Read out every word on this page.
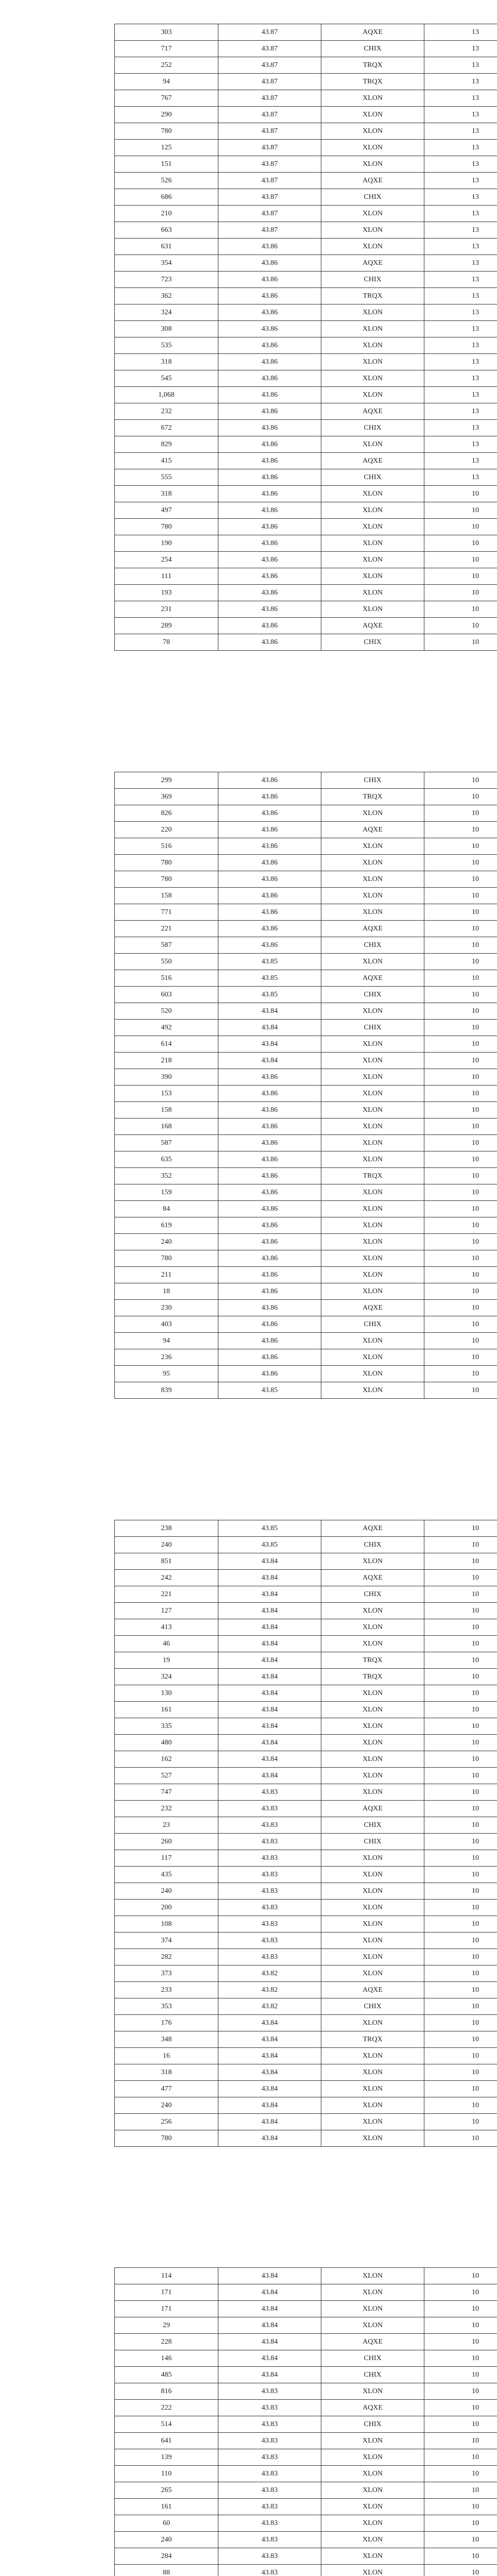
303	43.87	AQXE	13
717	43.87	CHIX	13
252	43.87	TRQX	13
94	43.87	TRQX	13
767	43.87	XLON	13
290	43.87	XLON	13
780	43.87	XLON	13
125	43.87	XLON	13
151	43.87	XLON	13
526	43.87	AQXE	13
686	43.87	CHIX	13
210	43.87	XLON	13
663	43.87	XLON	13
631	43.86	XLON	13
354	43.86	AQXE	13
723	43.86	CHIX	13
362	43.86	TRQX	13
324	43.86	XLON	13
308	43.86	XLON	13
535	43.86	XLON	13
318	43.86	XLON	13
545	43.86	XLON	13
1,068	43.86	XLON	13
232	43.86	AQXE	13
672	43.86	CHIX	13
829	43.86	XLON	13
415	43.86	AQXE	13
555	43.86	CHIX	13
318	43.86	XLON	10
497	43.86	XLON	10
780	43.86	XLON	10
190	43.86	XLON	10
254	43.86	XLON	10
111	43.86	XLON	10
193	43.86	XLON	10
231	43.86	XLON	10
289	43.86	AQXE	10
78	43.86	CHIX	10
299	43.86	CHIX	10
369	43.86	TRQX	10
826	43.86	XLON	10
220	43.86	AQXE	10
516	43.86	XLON	10
780	43.86	XLON	10
780	43.86	XLON	10
158	43.86	XLON	10
771	43.86	XLON	10
221	43.86	AQXE	10
587	43.86	CHIX	10
550	43.85	XLON	10
516	43.85	AQXE	10
603	43.85	CHIX	10
520	43.84	XLON	10
492	43.84	CHIX	10
614	43.84	XLON	10
218	43.84	XLON	10
390	43.86	XLON	10
153	43.86	XLON	10
158	43.86	XLON	10
168	43.86	XLON	10
587	43.86	XLON	10
635	43.86	XLON	10
352	43.86	TRQX	10
159	43.86	XLON	10
84	43.86	XLON	10
619	43.86	XLON	10
240	43.86	XLON	10
780	43.86	XLON	10
211	43.86	XLON	10
18	43.86	XLON	10
230	43.86	AQXE	10
403	43.86	CHIX	10
94	43.86	XLON	10
236	43.86	XLON	10
95	43.86	XLON	10
839	43.85	XLON	10
238	43.85	AQXE	10
240	43.85	CHIX	10
851	43.84	XLON	10
242	43.84	AQXE	10
221	43.84	CHIX	10
127	43.84	XLON	10
413	43.84	XLON	10
46	43.84	XLON	10
19	43.84	TRQX	10
324	43.84	TRQX	10
130	43.84	XLON	10
161	43.84	XLON	10
335	43.84	XLON	10
480	43.84	XLON	10
162	43.84	XLON	10
527	43.84	XLON	10
747	43.83	XLON	10
232	43.83	AQXE	10
23	43.83	CHIX	10
260	43.83	CHIX	10
117	43.83	XLON	10
435	43.83	XLON	10
240	43.83	XLON	10
200	43.83	XLON	10
108	43.83	XLON	10
374	43.83	XLON	10
282	43.83	XLON	10
373	43.82	XLON	10
233	43.82	AQXE	10
353	43.82	CHIX	10
176	43.84	XLON	10
348	43.84	TRQX	10
16	43.84	XLON	10
318	43.84	XLON	10
477	43.84	XLON	10
240	43.84	XLON	10
256	43.84	XLON	10
780	43.84	XLON	10
114	43.84	XLON	10
171	43.84	XLON	10
171	43.84	XLON	10
29	43.84	XLON	10
228	43.84	AQXE	10
146	43.84	CHIX	10
485	43.84	CHIX	10
816	43.83	XLON	10
222	43.83	AQXE	10
514	43.83	CHIX	10
641	43.83	XLON	10
139	43.83	XLON	10
110	43.83	XLON	10
265	43.83	XLON	10
161	43.83	XLON	10
60	43.83	XLON	10
240	43.83	XLON	10
284	43.83	XLON	10
88	43.83	XLON	10
